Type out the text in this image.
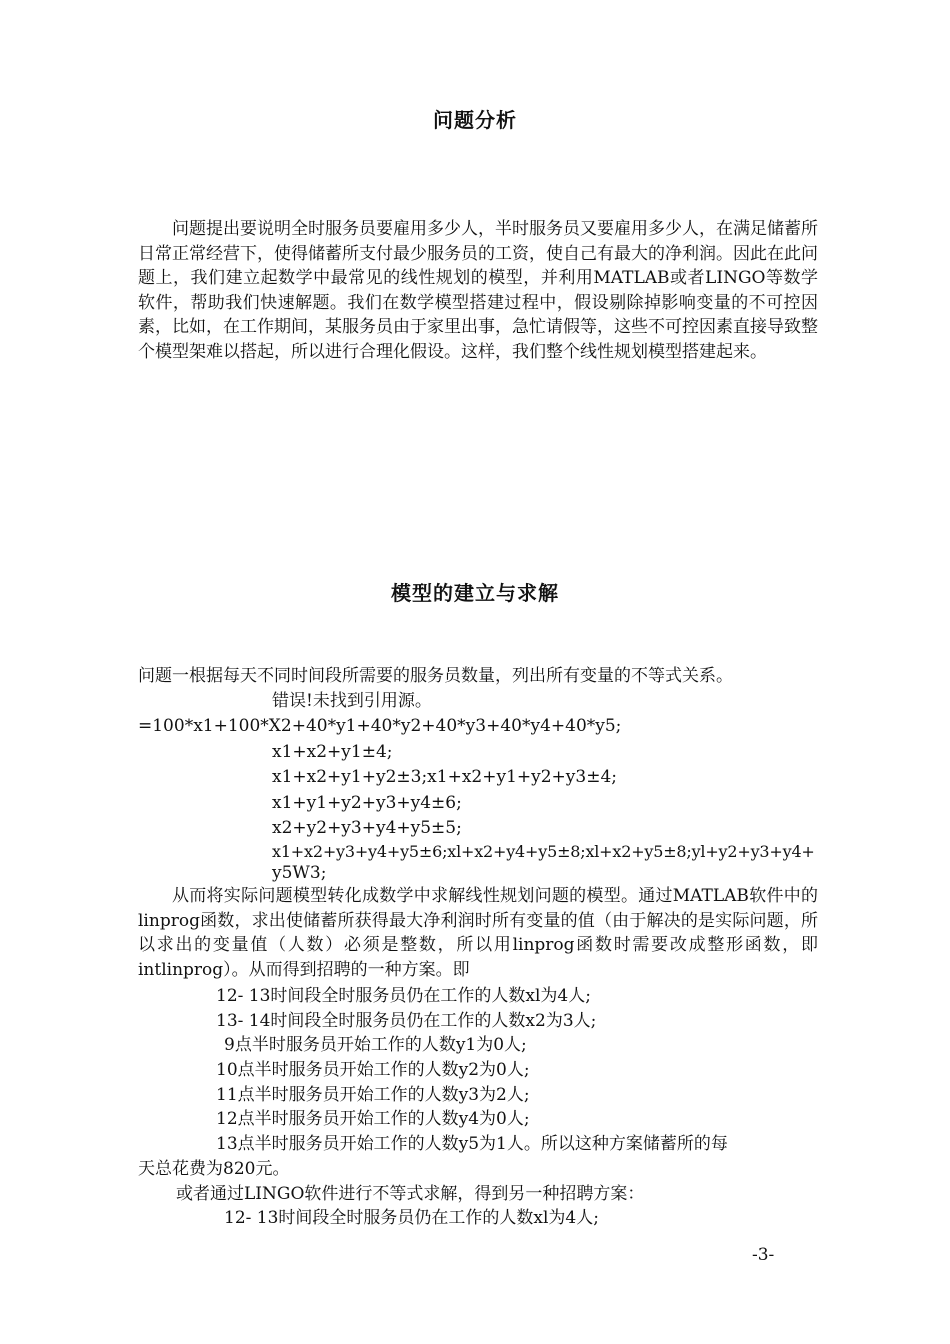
问题分析
问题提出要说明全时服务员要雇用多少人，半时服务员又要雇用多少人，在满足储蓄所日常正常经营下，使得储蓄所支付最少服务员的工资，使自己有最大的净利润。因此在此问题上，我们建立起数学中最常见的线性规划的模型，并利用MATLAB或者LINGO等数学软件，帮助我们快速解题。我们在数学模型搭建过程中，假设剔除掉影响变量的不可控因素，比如，在工作期间，某服务员由于家里出事，急忙请假等，这些不可控因素直接导致整个模型架难以搭起，所以进行合理化假设。这样，我们整个线性规划模型搭建起来。
模型的建立与求解
问题一根据每天不同时间段所需要的服务员数量，列出所有变量的不等式关系。
错误!未找到引用源。
=100*x1+100*X2+40*y1+40*y2+40*y3+40*y4+40*y5;
x1+x2+y1±4;
x1+x2+y1+y2±3;x1+x2+y1+y2+y3±4;
x1+y1+y2+y3+y4±6;
x2+y2+y3+y4+y5±5;
x1+x2+y3+y4+y5±6;xl+x2+y4+y5±8;xl+x2+y5±8;yl+y2+y3+y4+
y5W3;
从而将实际问题模型转化成数学中求解线性规划问题的模型。通过MATLAB软件中的linprog函数，求出使储蓄所获得最大净利润时所有变量的值（由于解决的是实际问题，所以求出的变量值（人数）必须是整数，所以用linprog函数时需要改成整形函数，即intlinprog）。从而得到招聘的一种方案。即
12- 13时间段全时服务员仍在工作的人数xl为4人;
13- 14时间段全时服务员仍在工作的人数x2为3人;
9点半时服务员开始工作的人数y1为0人;
10点半时服务员开始工作的人数y2为0人;
11点半时服务员开始工作的人数y3为2人;
12点半时服务员开始工作的人数y4为0人;
13点半时服务员开始工作的人数y5为1人。所以这种方案储蓄所的每
天总花费为820元。
或者通过LINGO软件进行不等式求解，得到另一种招聘方案：
12- 13时间段全时服务员仍在工作的人数xl为4人;
-3-
